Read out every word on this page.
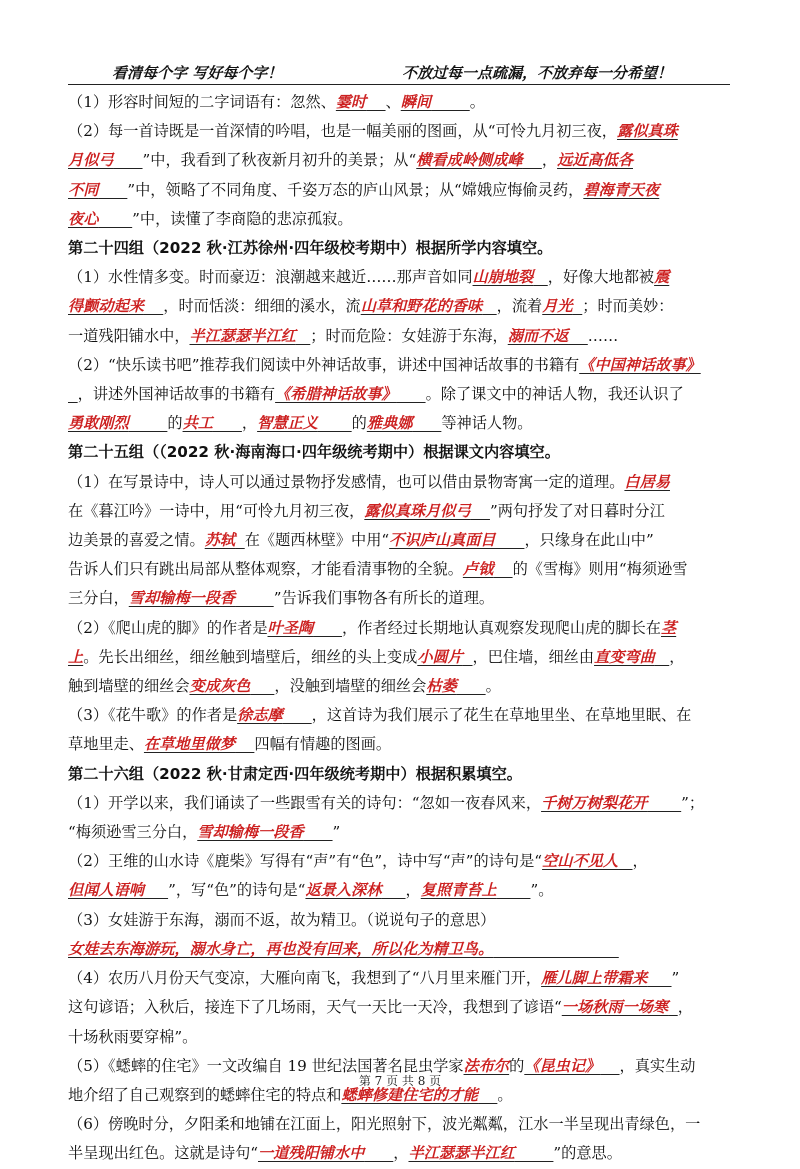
看清每个字 写好每个字！	不放过每一点疏漏，不放弃每一分希望！

（1）形容时间短的二字词语有：忽然、霎时 、瞬间	。

（2）每一首诗既是一首深情的吟唱，也是一幅美丽的图画，从“可怜九月初三夜，露似真珠

月似弓 ”中，我看到了秋夜新月初升的美景；从“横看成岭侧成峰 ，远近高低各

不同 ”中，领略了不同角度、千姿万态的庐山风景；从“嫦娥应悔偷灵药，碧海青天夜

夜心 ”中，读懂了李商隐的悲凉孤寂。

第二十四组（2022 秋·江苏徐州·四年级校考期中）根据所学内容填空。

（1）水性情多变。时而豪迈：浪潮越来越近……那声音如同山崩地裂 ，好像大地都被震

得颤动起来 ，时而恬淡：细细的溪水，流山草和野花的香味 ，流着月光 ；时而美妙：

一道残阳铺水中，半江瑟瑟半江红 ；时而危险：女娃游于东海，溺而不返 ……

（2）“快乐读书吧”推荐我们阅读中外神话故事，讲述中国神话故事的书籍有《中国神话故事》

，讲述外国神话故事的书籍有《希腊神话故事》 。除了课文中的神话人物，我还认识了

勇敢刚烈	的共工 ，智慧正义 的雅典娜 等神话人物。

第二十五组（（2022 秋·海南海口·四年级统考期中）根据课文内容填空。

（1）在写景诗中，诗人可以通过景物抒发感情，也可以借由景物寄寓一定的道理。白居易

在《暮江吟》一诗中，用“可怜九月初三夜，露似真珠月似弓 ”两句抒发了对日暮时分江

边美景的喜爱之情。苏轼 在《题西林壁》中用“不识庐山真面目 ，只缘身在此山中”

告诉人们只有跳出局部从整体观察，才能看清事物的全貌。卢钺 的《雪梅》则用“梅须逊雪

三分白，雪却输梅一段香	”告诉我们事物各有所长的道理。

（2）《爬山虎的脚》的作者是叶圣陶 ，作者经过长期地认真观察发现爬山虎的脚长在茎

上。先长出细丝，细丝触到墙壁后，细丝的头上变成小圆片 ，巴住墙，细丝由直变弯曲 ，

触到墙壁的细丝会变成灰色 ，没触到墙壁的细丝会枯萎 。

（3）《花牛歌》的作者是徐志摩 ，这首诗为我们展示了花生在草地里坐、在草地里眠、在

草地里走、在草地里做梦 四幅有情趣的图画。

第二十六组（2022 秋·甘肃定西·四年级统考期中）根据积累填空。

（1）开学以来，我们诵读了一些跟雪有关的诗句：“忽如一夜春风来，千树万树梨花开 ”；

“梅须逊雪三分白，雪却输梅一段香 ”

（2）王维的山水诗《鹿柴》写得有“声”有“色”，诗中写“声”的诗句是“空山不见人 ，

但闻人语响 ”，写“色”的诗句是“返景入深林 ，复照青苔上 ”。

（3）女娃游于东海，溺而不返，故为精卫。（说说句子的意思）

女娃去东海游玩，溺水身亡，再也没有回来，所以化为精卫鸟。

（4）农历八月份天气变凉，大雁向南飞，我想到了“八月里来雁门开，雁儿脚上带霜来 ”

这句谚语；入秋后，接连下了几场雨，天气一天比一天冷，我想到了谚语“一场秋雨一场寒 ，

十场秋雨要穿棉”。

（5）《蟋蟀的住宅》一文改编自 19 世纪法国著名昆虫学家法布尔的《昆虫记》 ，真实生动

地介绍了自己观察到的蟋蟀住宅的特点和蟋蟀修建住宅的才能 。

（6）傍晚时分，夕阳柔和地铺在江面上，阳光照射下，波光粼粼，江水一半呈现出青绿色，一

半呈现出红色。这就是诗句“一道残阳铺水中 ，半江瑟瑟半江红	”的意思。

第 7 页 共 8 页
